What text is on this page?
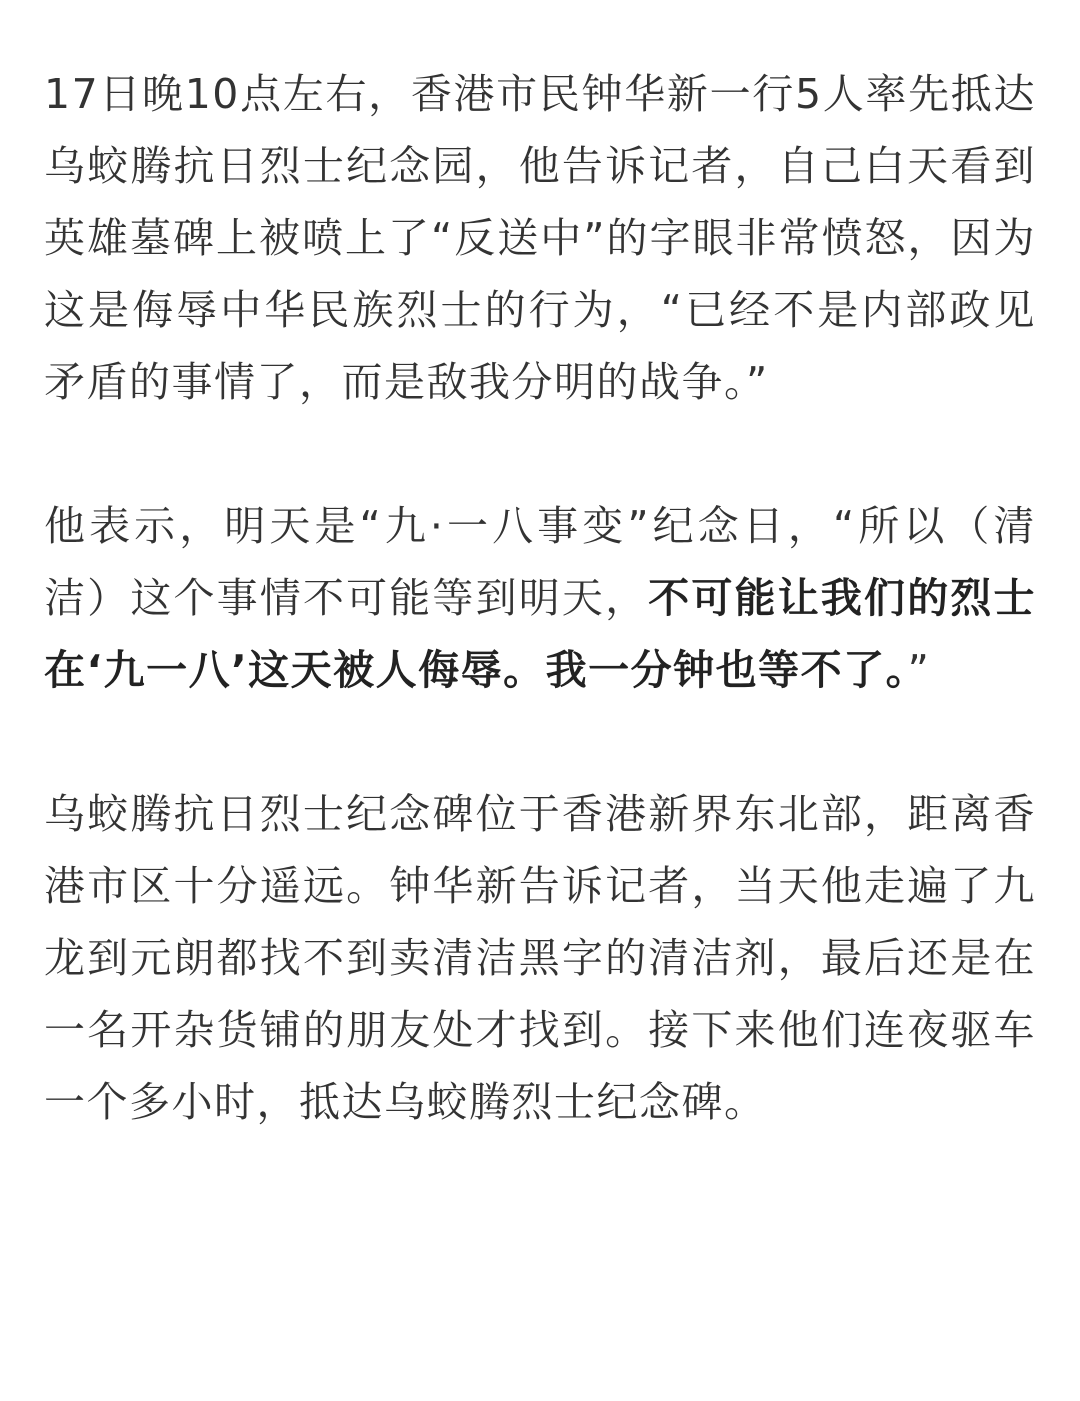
17日晚10点左右，香港市民钟华新一行5人率先抵达乌蛟腾抗日烈士纪念园，他告诉记者，自己白天看到英雄墓碑上被喷上了“反送中”的字眼非常愤怒，因为这是侮辱中华民族烈士的行为，“已经不是内部政见矛盾的事情了，而是敌我分明的战争。”

他表示，明天是“九·一八事变”纪念日，“所以（清洁）这个事情不可能等到明天，不可能让我们的烈士在‘九一八’这天被人侮辱。我一分钟也等不了。”

乌蛟腾抗日烈士纪念碑位于香港新界东北部，距离香港市区十分遥远。钟华新告诉记者，当天他走遍了九龙到元朗都找不到卖清洁黑字的清洁剂，最后还是在一名开杂货铺的朋友处才找到。接下来他们连夜驱车一个多小时，抵达乌蛟腾烈士纪念碑。
